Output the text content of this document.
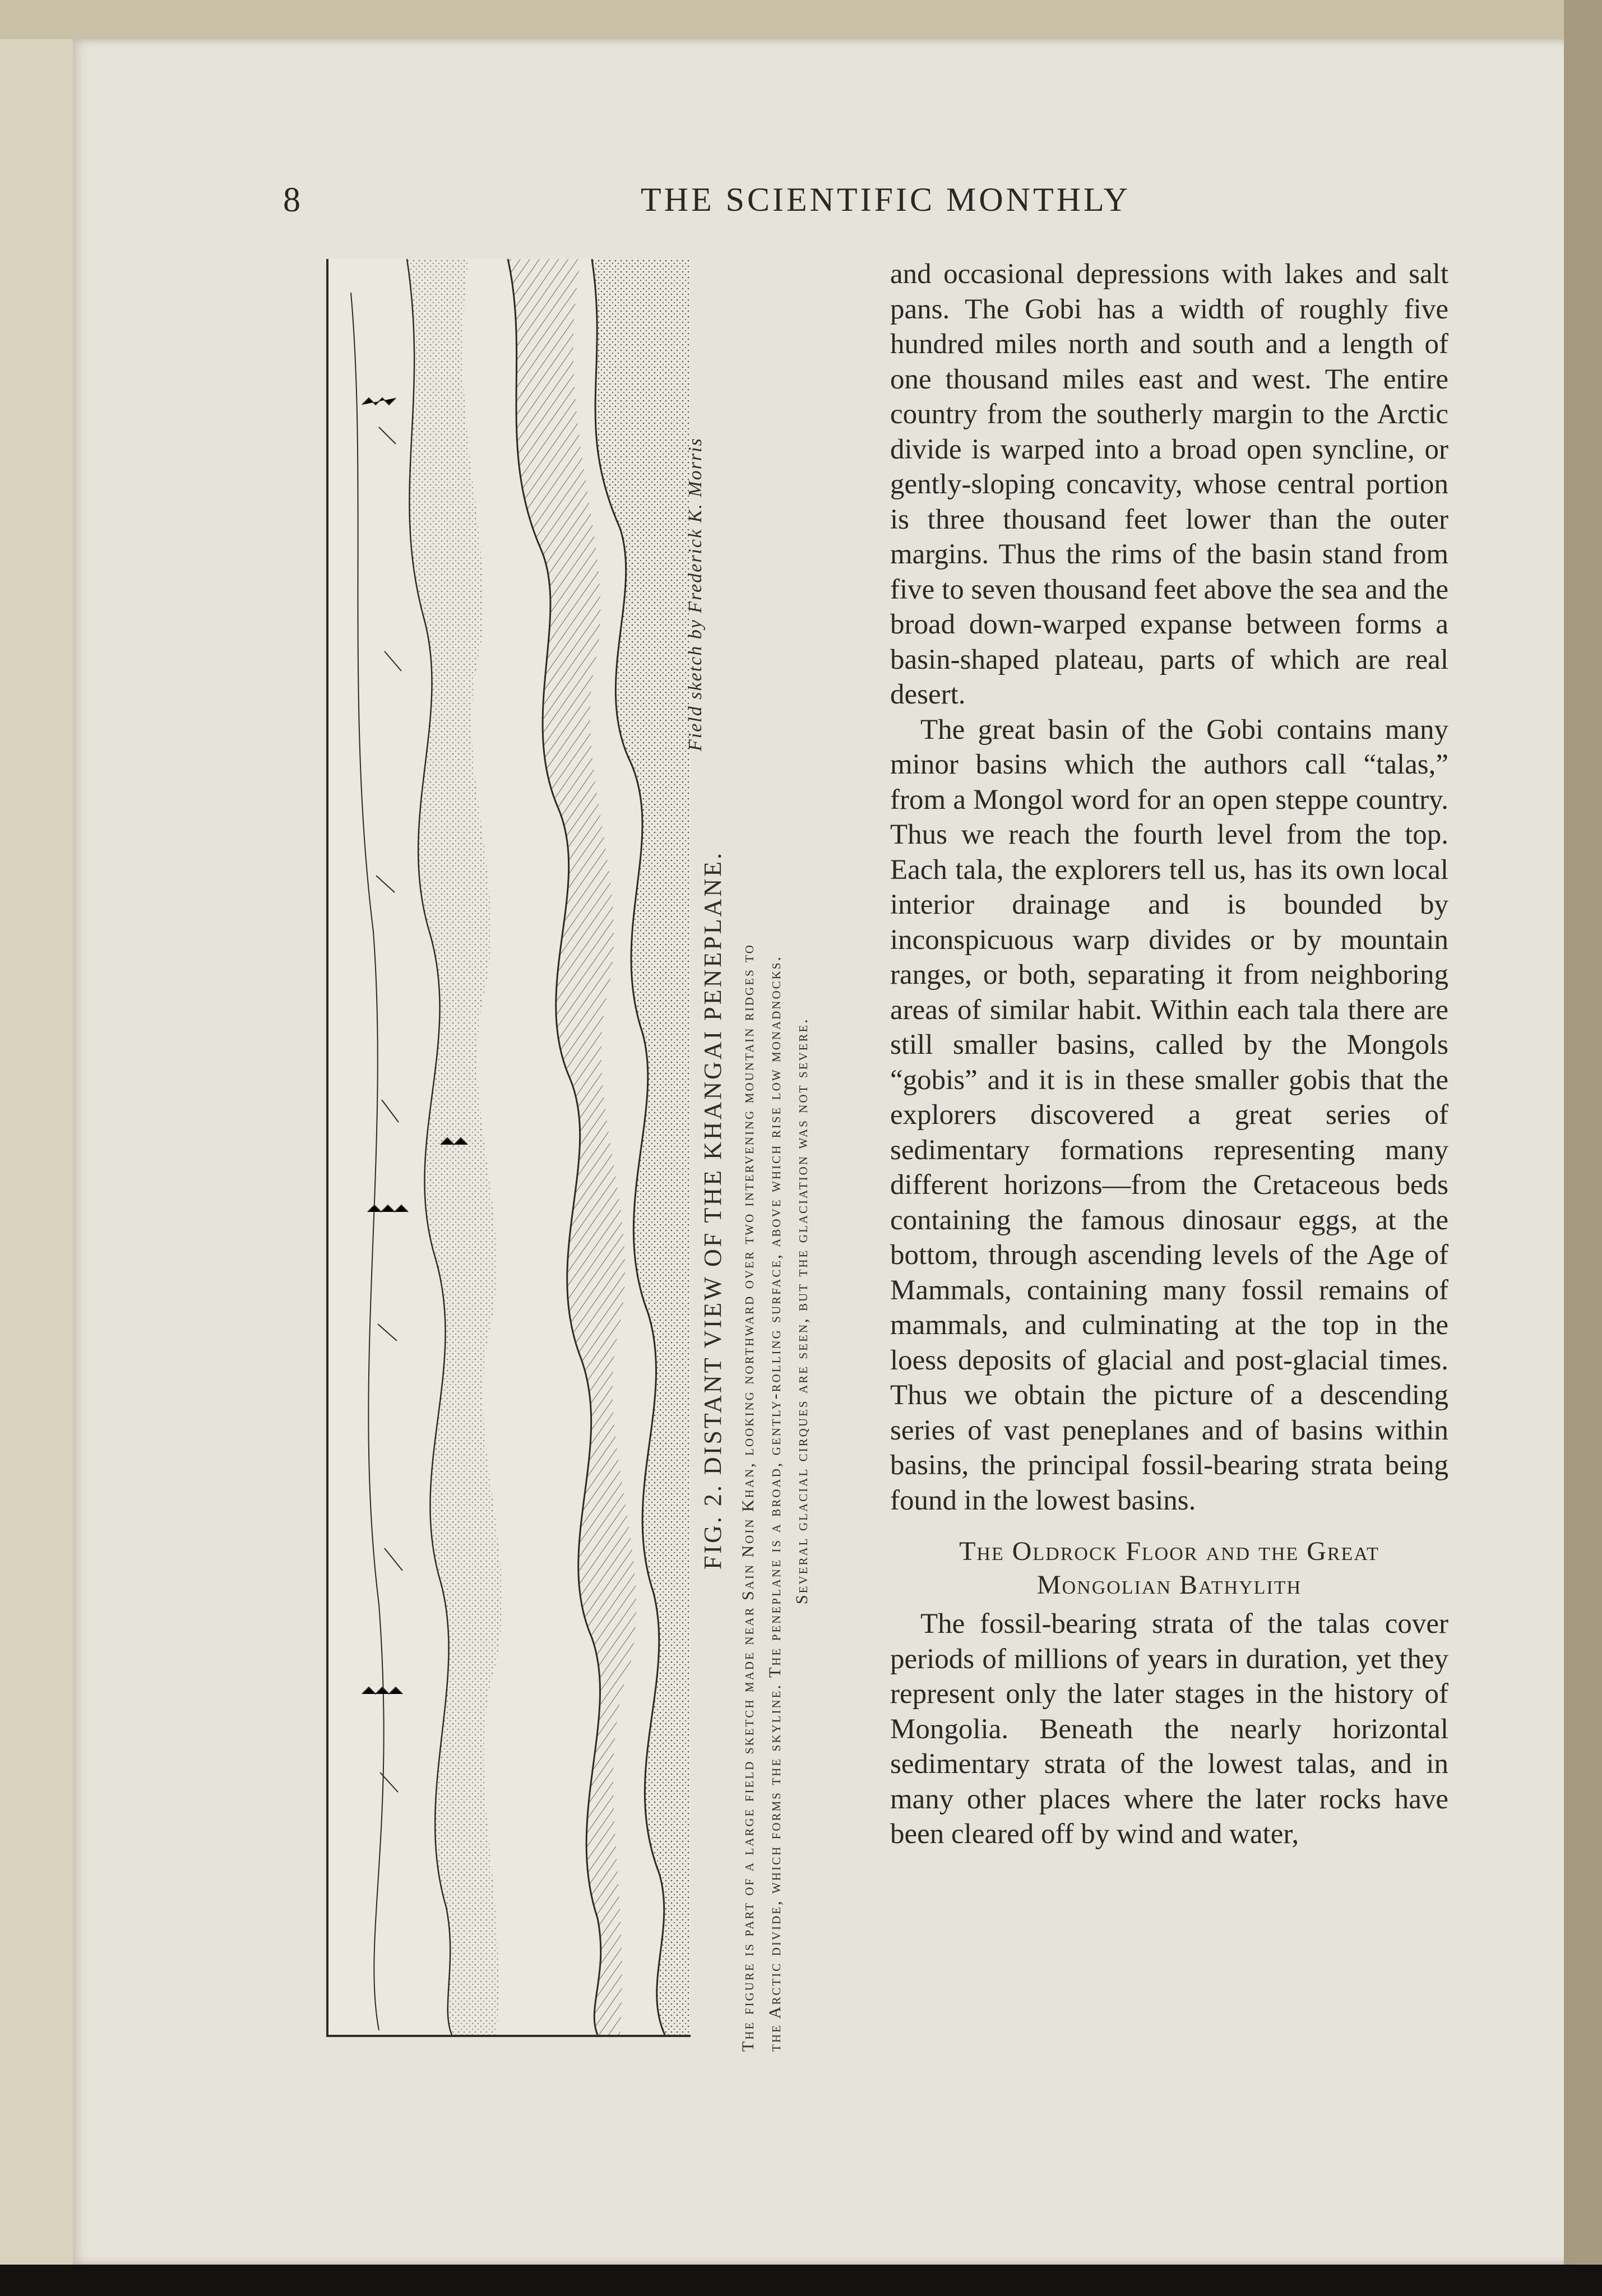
8	THE SCIENTIFIC MONTHLY
Field sketch by Frederick K. Morris
FIG. 2. DISTANT VIEW OF THE KHANGAI PENEPLANE. The figure is part of a large field sketch made near Sain Noin Khan, looking northward over two intervening mountain ridges to the Arctic divide, which forms the skyline. The peneplane is a broad, gently-rolling surface, above which rise low monadnocks. Several glacial cirques are seen, but the glaciation was not severe.

and occasional depressions with lakes and salt pans. The Gobi has a width of roughly five hundred miles north and south and a length of one thousand miles east and west. The entire country from the southerly margin to the Arctic divide is warped into a broad open syncline, or gently-sloping concavity, whose central portion is three thousand feet lower than the outer margins. Thus the rims of the basin stand from five to seven thousand feet above the sea and the broad down-warped expanse between forms a basin-shaped plateau, parts of which are real desert.

The great basin of the Gobi contains many minor basins which the authors call “talas,” from a Mongol word for an open steppe country. Thus we reach the fourth level from the top. Each tala, the explorers tell us, has its own local interior drainage and is bounded by inconspicuous warp divides or by mountain ranges, or both, separating it from neighboring areas of similar habit. Within each tala there are still smaller basins, called by the Mongols “gobis” and it is in these smaller gobis that the explorers discovered a great series of sedimentary formations representing many different horizons—from the Cretaceous beds containing the famous dinosaur eggs, at the bottom, through ascending levels of the Age of Mammals, containing many fossil remains of mammals, and culminating at the top in the loess deposits of glacial and post-glacial times. Thus we obtain the picture of a descending series of vast peneplanes and of basins within basins, the principal fossil-bearing strata being found in the lowest basins.

The Oldrock Floor and the Great
Mongolian Bathylith

The fossil-bearing strata of the talas cover periods of millions of years in duration, yet they represent only the later stages in the history of Mongolia. Beneath the nearly horizontal sedimentary strata of the lowest talas, and in many other places where the later rocks have been cleared off by wind and water,
